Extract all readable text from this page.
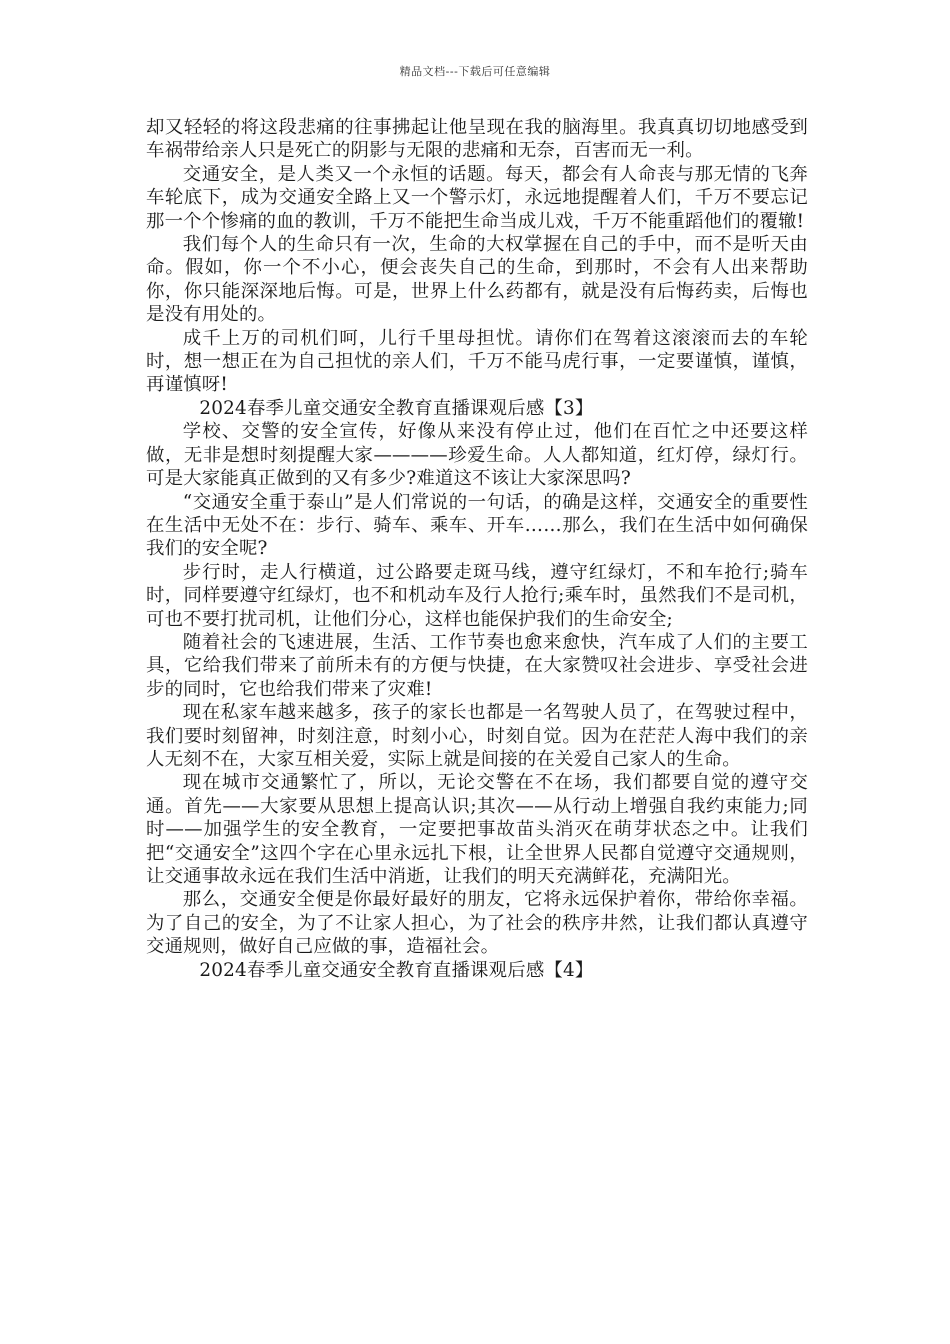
精品文档---下载后可任意编辑

却又轻轻的将这段悲痛的往事拂起让他呈现在我的脑海里。我真真切切地感受到车祸带给亲人只是死亡的阴影与无限的悲痛和无奈，百害而无一利。

交通安全，是人类又一个永恒的话题。每天，都会有人命丧与那无情的飞奔车轮底下，成为交通安全路上又一个警示灯，永远地提醒着人们，千万不要忘记那一个个惨痛的血的教训，千万不能把生命当成儿戏，千万不能重蹈他们的覆辙!

我们每个人的生命只有一次，生命的大权掌握在自己的手中，而不是听天由命。假如，你一个不小心，便会丧失自己的生命，到那时，不会有人出来帮助你，你只能深深地后悔。可是，世界上什么药都有，就是没有后悔药卖，后悔也是没有用处的。

成千上万的司机们呵，儿行千里母担忧。请你们在驾着这滚滚而去的车轮时，想一想正在为自己担忧的亲人们，千万不能马虎行事，一定要谨慎，谨慎，再谨慎呀!

2024春季儿童交通安全教育直播课观后感【3】

学校、交警的安全宣传，好像从来没有停止过，他们在百忙之中还要这样做，无非是想时刻提醒大家————珍爱生命。人人都知道，红灯停，绿灯行。可是大家能真正做到的又有多少?难道这不该让大家深思吗?

“交通安全重于泰山”是人们常说的一句话，的确是这样，交通安全的重要性在生活中无处不在：步行、骑车、乘车、开车……那么，我们在生活中如何确保我们的安全呢?

步行时，走人行横道，过公路要走斑马线，遵守红绿灯，不和车抢行;骑车时，同样要遵守红绿灯，也不和机动车及行人抢行;乘车时，虽然我们不是司机，可也不要打扰司机，让他们分心，这样也能保护我们的生命安全;

随着社会的飞速进展，生活、工作节奏也愈来愈快，汽车成了人们的主要工具，它给我们带来了前所未有的方便与快捷，在大家赞叹社会进步、享受社会进步的同时，它也给我们带来了灾难!

现在私家车越来越多，孩子的家长也都是一名驾驶人员了，在驾驶过程中，我们要时刻留神，时刻注意，时刻小心，时刻自觉。因为在茫茫人海中我们的亲人无刻不在，大家互相关爱，实际上就是间接的在关爱自己家人的生命。

现在城市交通繁忙了，所以，无论交警在不在场，我们都要自觉的遵守交通。首先——大家要从思想上提高认识;其次——从行动上增强自我约束能力;同时——加强学生的安全教育，一定要把事故苗头消灭在萌芽状态之中。让我们把“交通安全”这四个字在心里永远扎下根，让全世界人民都自觉遵守交通规则，让交通事故永远在我们生活中消逝，让我们的明天充满鲜花，充满阳光。

那么，交通安全便是你最好最好的朋友，它将永远保护着你，带给你幸福。为了自己的安全，为了不让家人担心，为了社会的秩序井然，让我们都认真遵守交通规则，做好自己应做的事，造福社会。

2024春季儿童交通安全教育直播课观后感【4】
